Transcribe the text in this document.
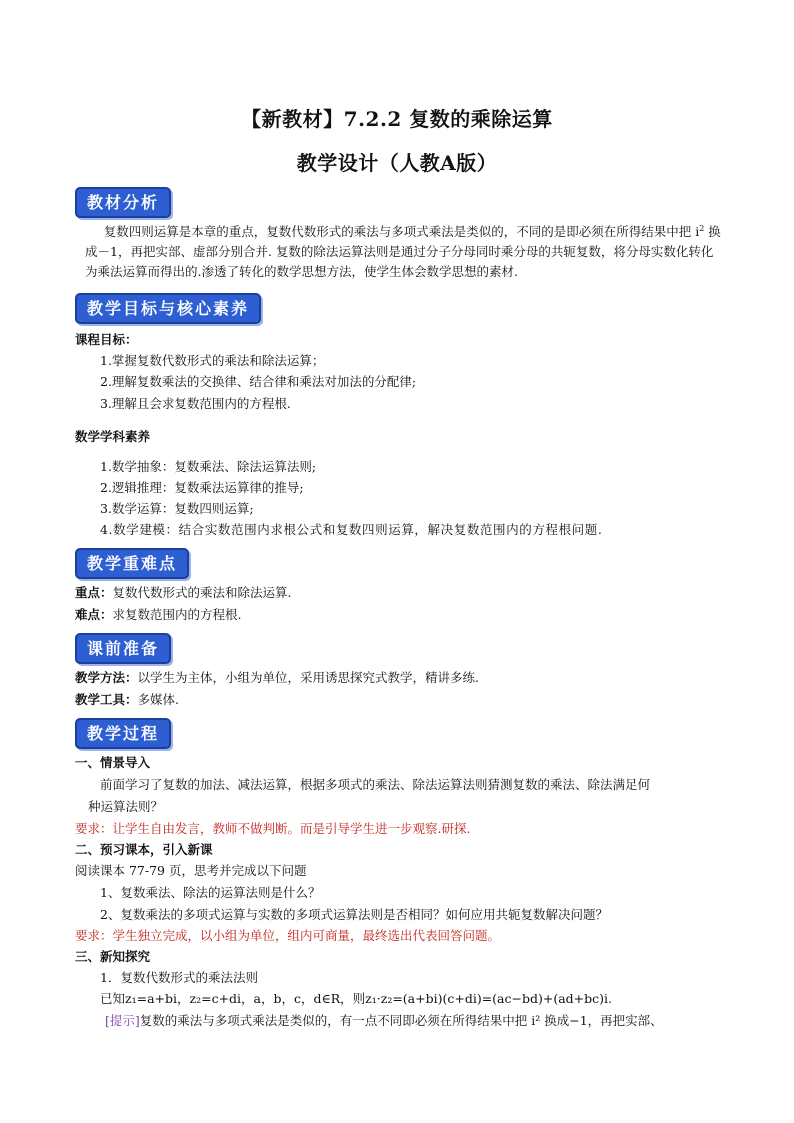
【新教材】7.2.2 复数的乘除运算
教学设计（人教A版）
教材分析
复数四则运算是本章的重点，复数代数形式的乘法与多项式乘法是类似的，不同的是即必须在所得结果中把 $i^2$ 换成－1，再把实部、虚部分别合并. 复数的除法运算法则是通过分子分母同时乘分母的共轭复数，将分母实数化转化为乘法运算而得出的.渗透了转化的数学思想方法，使学生体会数学思想的素材.
教学目标与核心素养
课程目标：
1.掌握复数代数形式的乘法和除法运算；
2.理解复数乘法的交换律、结合律和乘法对加法的分配律;
3.理解且会求复数范围内的方程根.
数学学科素养
1.数学抽象：复数乘法、除法运算法则;
2.逻辑推理：复数乘法运算律的推导;
3.数学运算：复数四则运算;
4.数学建模：结合实数范围内求根公式和复数四则运算，解决复数范围内的方程根问题.
教学重难点
重点：复数代数形式的乘法和除法运算.
难点：求复数范围内的方程根.
课前准备
教学方法：以学生为主体，小组为单位，采用诱思探究式教学，精讲多练.
教学工具：多媒体.
教学过程
一、情景导入
前面学习了复数的加法、减法运算，根据多项式的乘法、除法运算法则猜测复数的乘法、除法满足何
种运算法则？
要求：让学生自由发言，教师不做判断。而是引导学生进一步观察.研探.
二、预习课本，引入新课
阅读课本 77-79 页，思考并完成以下问题
1、复数乘法、除法的运算法则是什么？
2、复数乘法的多项式运算与实数的多项式运算法则是否相同？如何应用共轭复数解决问题？
要求：学生独立完成，以小组为单位，组内可商量，最终选出代表回答问题。
三、新知探究
1．复数代数形式的乘法法则
已知z₁=a+bi，z₂=c+di，a，b，c，d∈R，则z₁·z₂=(a+bi)(c+di)=(ac−bd)+(ad+bc)i.
[提示]复数的乘法与多项式乘法是类似的，有一点不同即必须在所得结果中把 i² 换成−1，再把实部、
